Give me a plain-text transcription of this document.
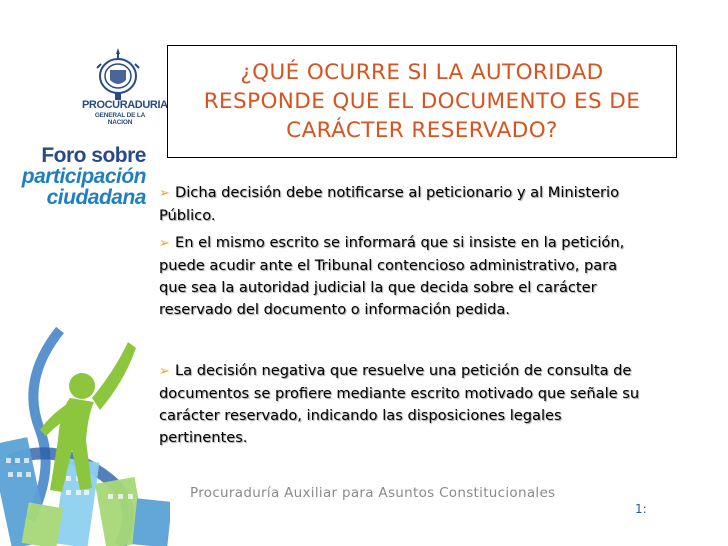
PROCURADURIA
GENERAL DE LA NACION
Foro sobre
participación
ciudadana
¿QUÉ OCURRE SI LA AUTORIDAD
RESPONDE QUE EL DOCUMENTO ES DE
CARÁCTER RESERVADO?

➢ Dicha decisión debe notificarse al peticionario y al Ministerio Público.

➢ En el mismo escrito se informará que si insiste en la petición, puede acudir ante el Tribunal contencioso administrativo, para que sea la autoridad judicial la que decida sobre el carácter reservado del documento o información pedida.

➢ La decisión negativa que resuelve una petición de consulta de documentos se profiere mediante escrito motivado que señale su carácter reservado, indicando las disposiciones legales pertinentes.

Procuraduría Auxiliar para Asuntos Constitucionales
1:
